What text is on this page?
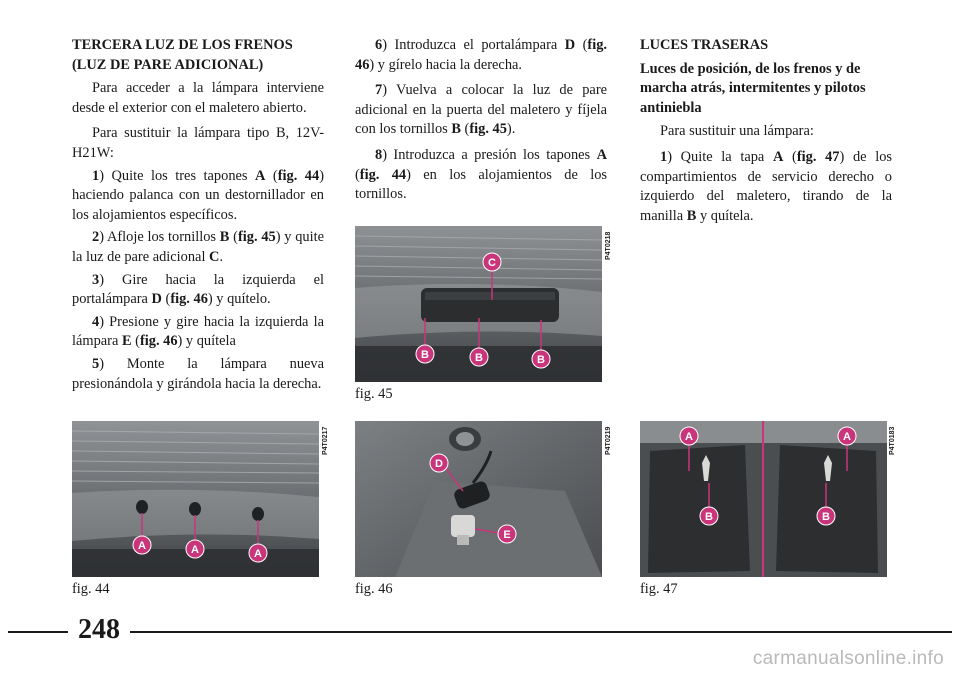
TERCERA LUZ DE LOS FRENOS (LUZ DE PARE ADICIONAL)

Para acceder a la lámpara interviene desde el exterior con el maletero abierto.

Para sustituir la lámpara tipo B, 12V-H21W:

1) Quite los tres tapones A (fig. 44) haciendo palanca con un destornillador en los alojamientos específicos.

2) Afloje los tornillos B (fig. 45) y quite la luz de pare adicional C.

3) Gire hacia la izquierda el portalámpara D (fig. 46) y quítelo.

4) Presione y gire hacia la izquierda la lámpara E (fig. 46) y quítela

5) Monte la lámpara nueva presionándola y girándola hacia la derecha.

6) Introduzca el portalámpara D (fig. 46) y gírelo hacia la derecha.

7) Vuelva a colocar la luz de pare adicional en la puerta del maletero y fíjela con los tornillos B (fig. 45).

8) Introduzca a presión los tapones A (fig. 44) en los alojamientos de los tornillos.

LUCES TRASERAS
Luces de posición, de los frenos y de marcha atrás, intermitentes y pilotos antiniebla

Para sustituir una lámpara:

1) Quite la tapa A (fig. 47) de los compartimientos de servicio derecho o izquierdo del maletero, tirando de la manilla B y quítela.

C
B	B	B
P4T0218
fig. 45
A	A	A
P4T0217
fig. 44
D
E
P4T0219
fig. 46
A	A
B	B
P4T0183
fig. 47
248
carmanualsonline.info
